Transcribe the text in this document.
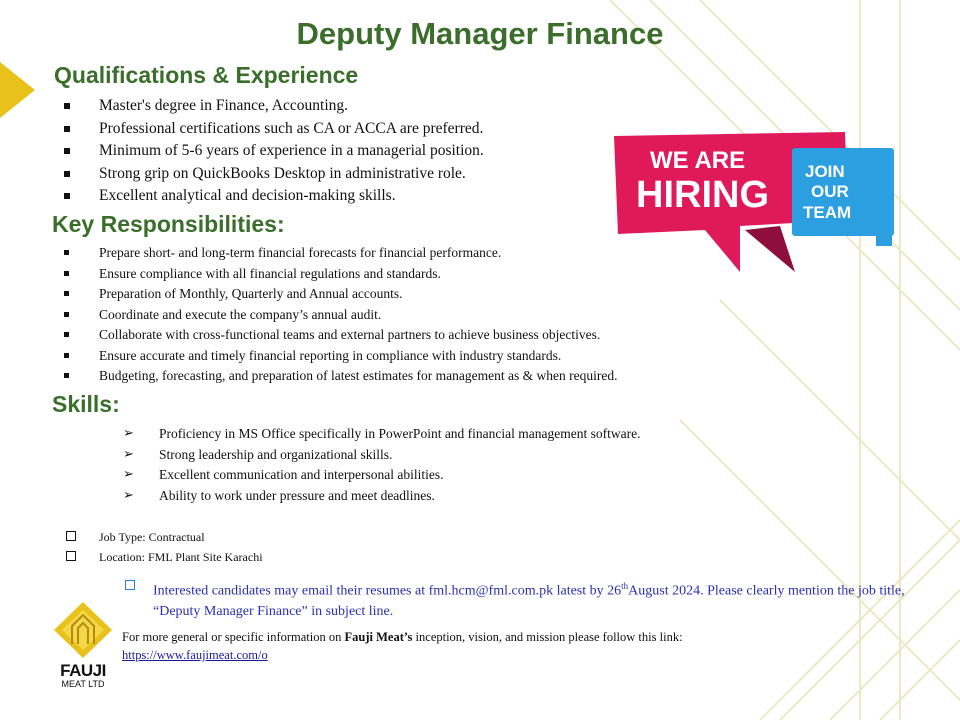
Deputy Manager Finance
Qualifications & Experience
Master's degree in Finance, Accounting.
Professional certifications such as CA or ACCA are preferred.
Minimum of 5-6 years of experience in a managerial position.
Strong grip on QuickBooks Desktop in administrative role.
Excellent analytical and decision-making skills.
WE ARE
HIRING
JOIN
OUR
TEAM
Key Responsibilities:
Prepare short- and long-term financial forecasts for financial performance.
Ensure compliance with all financial regulations and standards.
Preparation of Monthly, Quarterly and Annual accounts.
Coordinate and execute the company’s annual audit.
Collaborate with cross-functional teams and external partners to achieve business objectives.
Ensure accurate and timely financial reporting in compliance with industry standards.
Budgeting, forecasting, and preparation of latest estimates for management as & when required.
Skills:
➢ Proficiency in MS Office specifically in PowerPoint and financial management software.
➢ Strong leadership and organizational skills.
➢ Excellent communication and interpersonal abilities.
➢ Ability to work under pressure and meet deadlines.
Job Type: Contractual
Location: FML Plant Site Karachi
Interested candidates may email their resumes at fml.hcm@fml.com.pk latest by 26thAugust 2024. Please clearly mention the job title, “Deputy Manager Finance” in subject line.
FAUJI
MEAT LTD
For more general or specific information on Fauji Meat’s inception, vision, and mission please follow this link:
https://www.faujimeat.com/o
